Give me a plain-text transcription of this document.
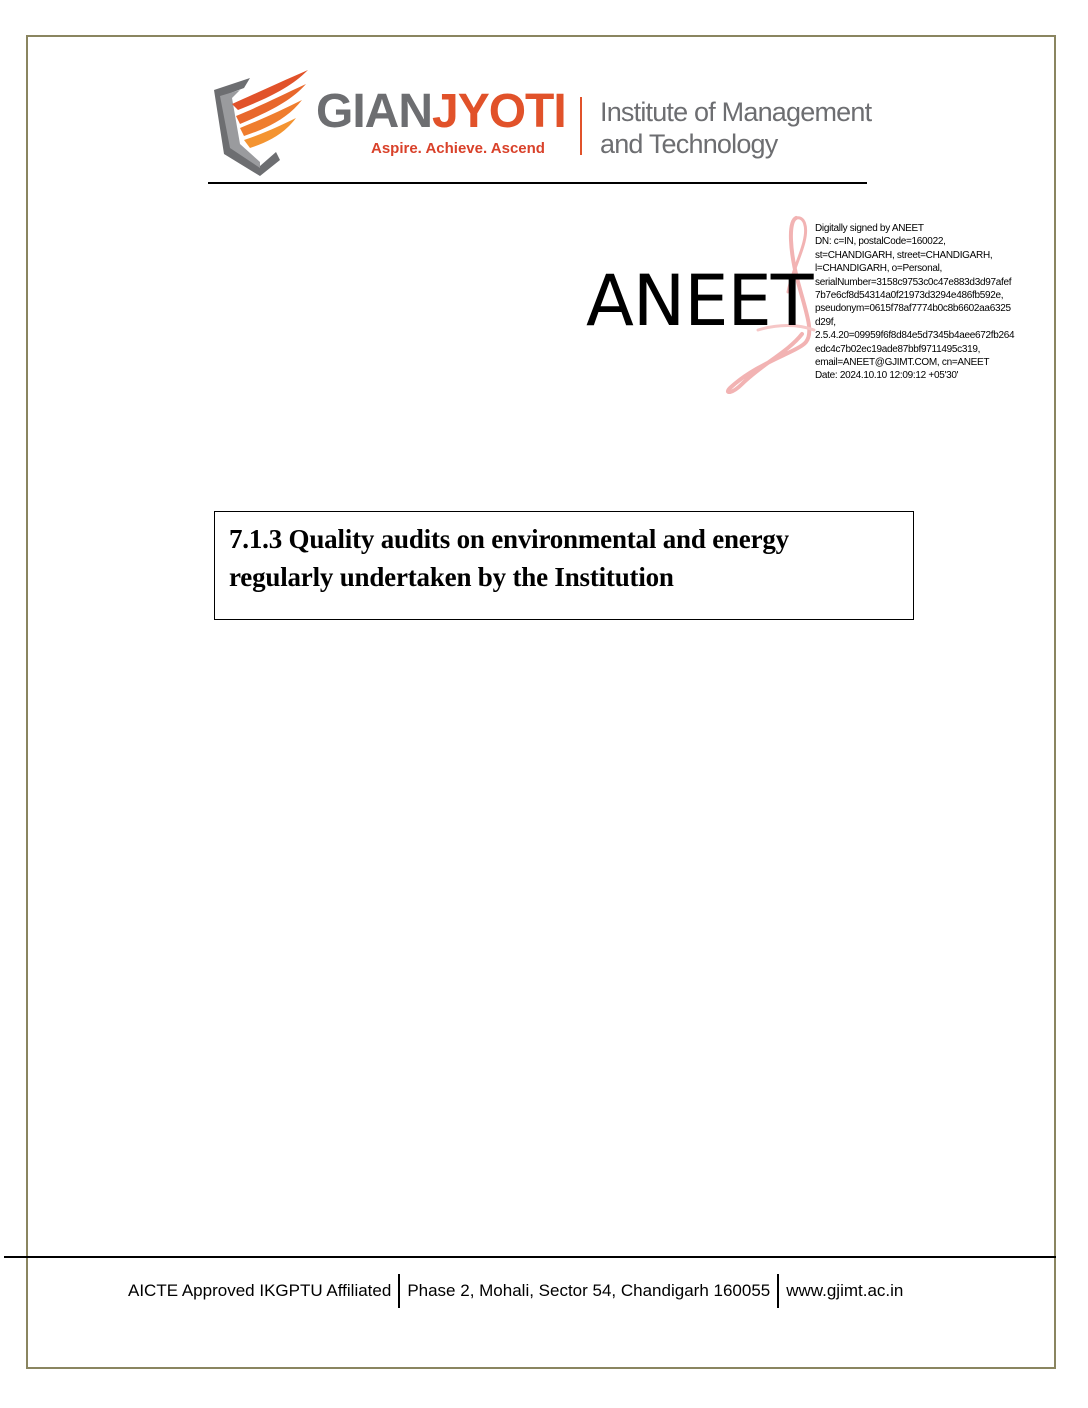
GIANJYOTI
Aspire. Achieve. Ascend
Institute of Management
and Technology
ANEET
Digitally signed by ANEET
DN: c=IN, postalCode=160022,
st=CHANDIGARH, street=CHANDIGARH,
l=CHANDIGARH, o=Personal,
serialNumber=3158c9753c0c47e883d3d97afef
7b7e6cf8d54314a0f21973d3294e486fb592e,
pseudonym=0615f78af7774b0c8b6602aa6325
d29f,
2.5.4.20=09959f6f8d84e5d7345b4aee672fb264
edc4c7b02ec19ade87bbf9711495c319,
email=ANEET@GJIMT.COM, cn=ANEET
Date: 2024.10.10 12:09:12 +05'30'

7.1.3 Quality audits on environmental and energy
regularly undertaken by the Institution

AICTE Approved IKGPTU Affiliated Phase 2, Mohali, Sector 54, Chandigarh 160055 www.gjimt.ac.in
